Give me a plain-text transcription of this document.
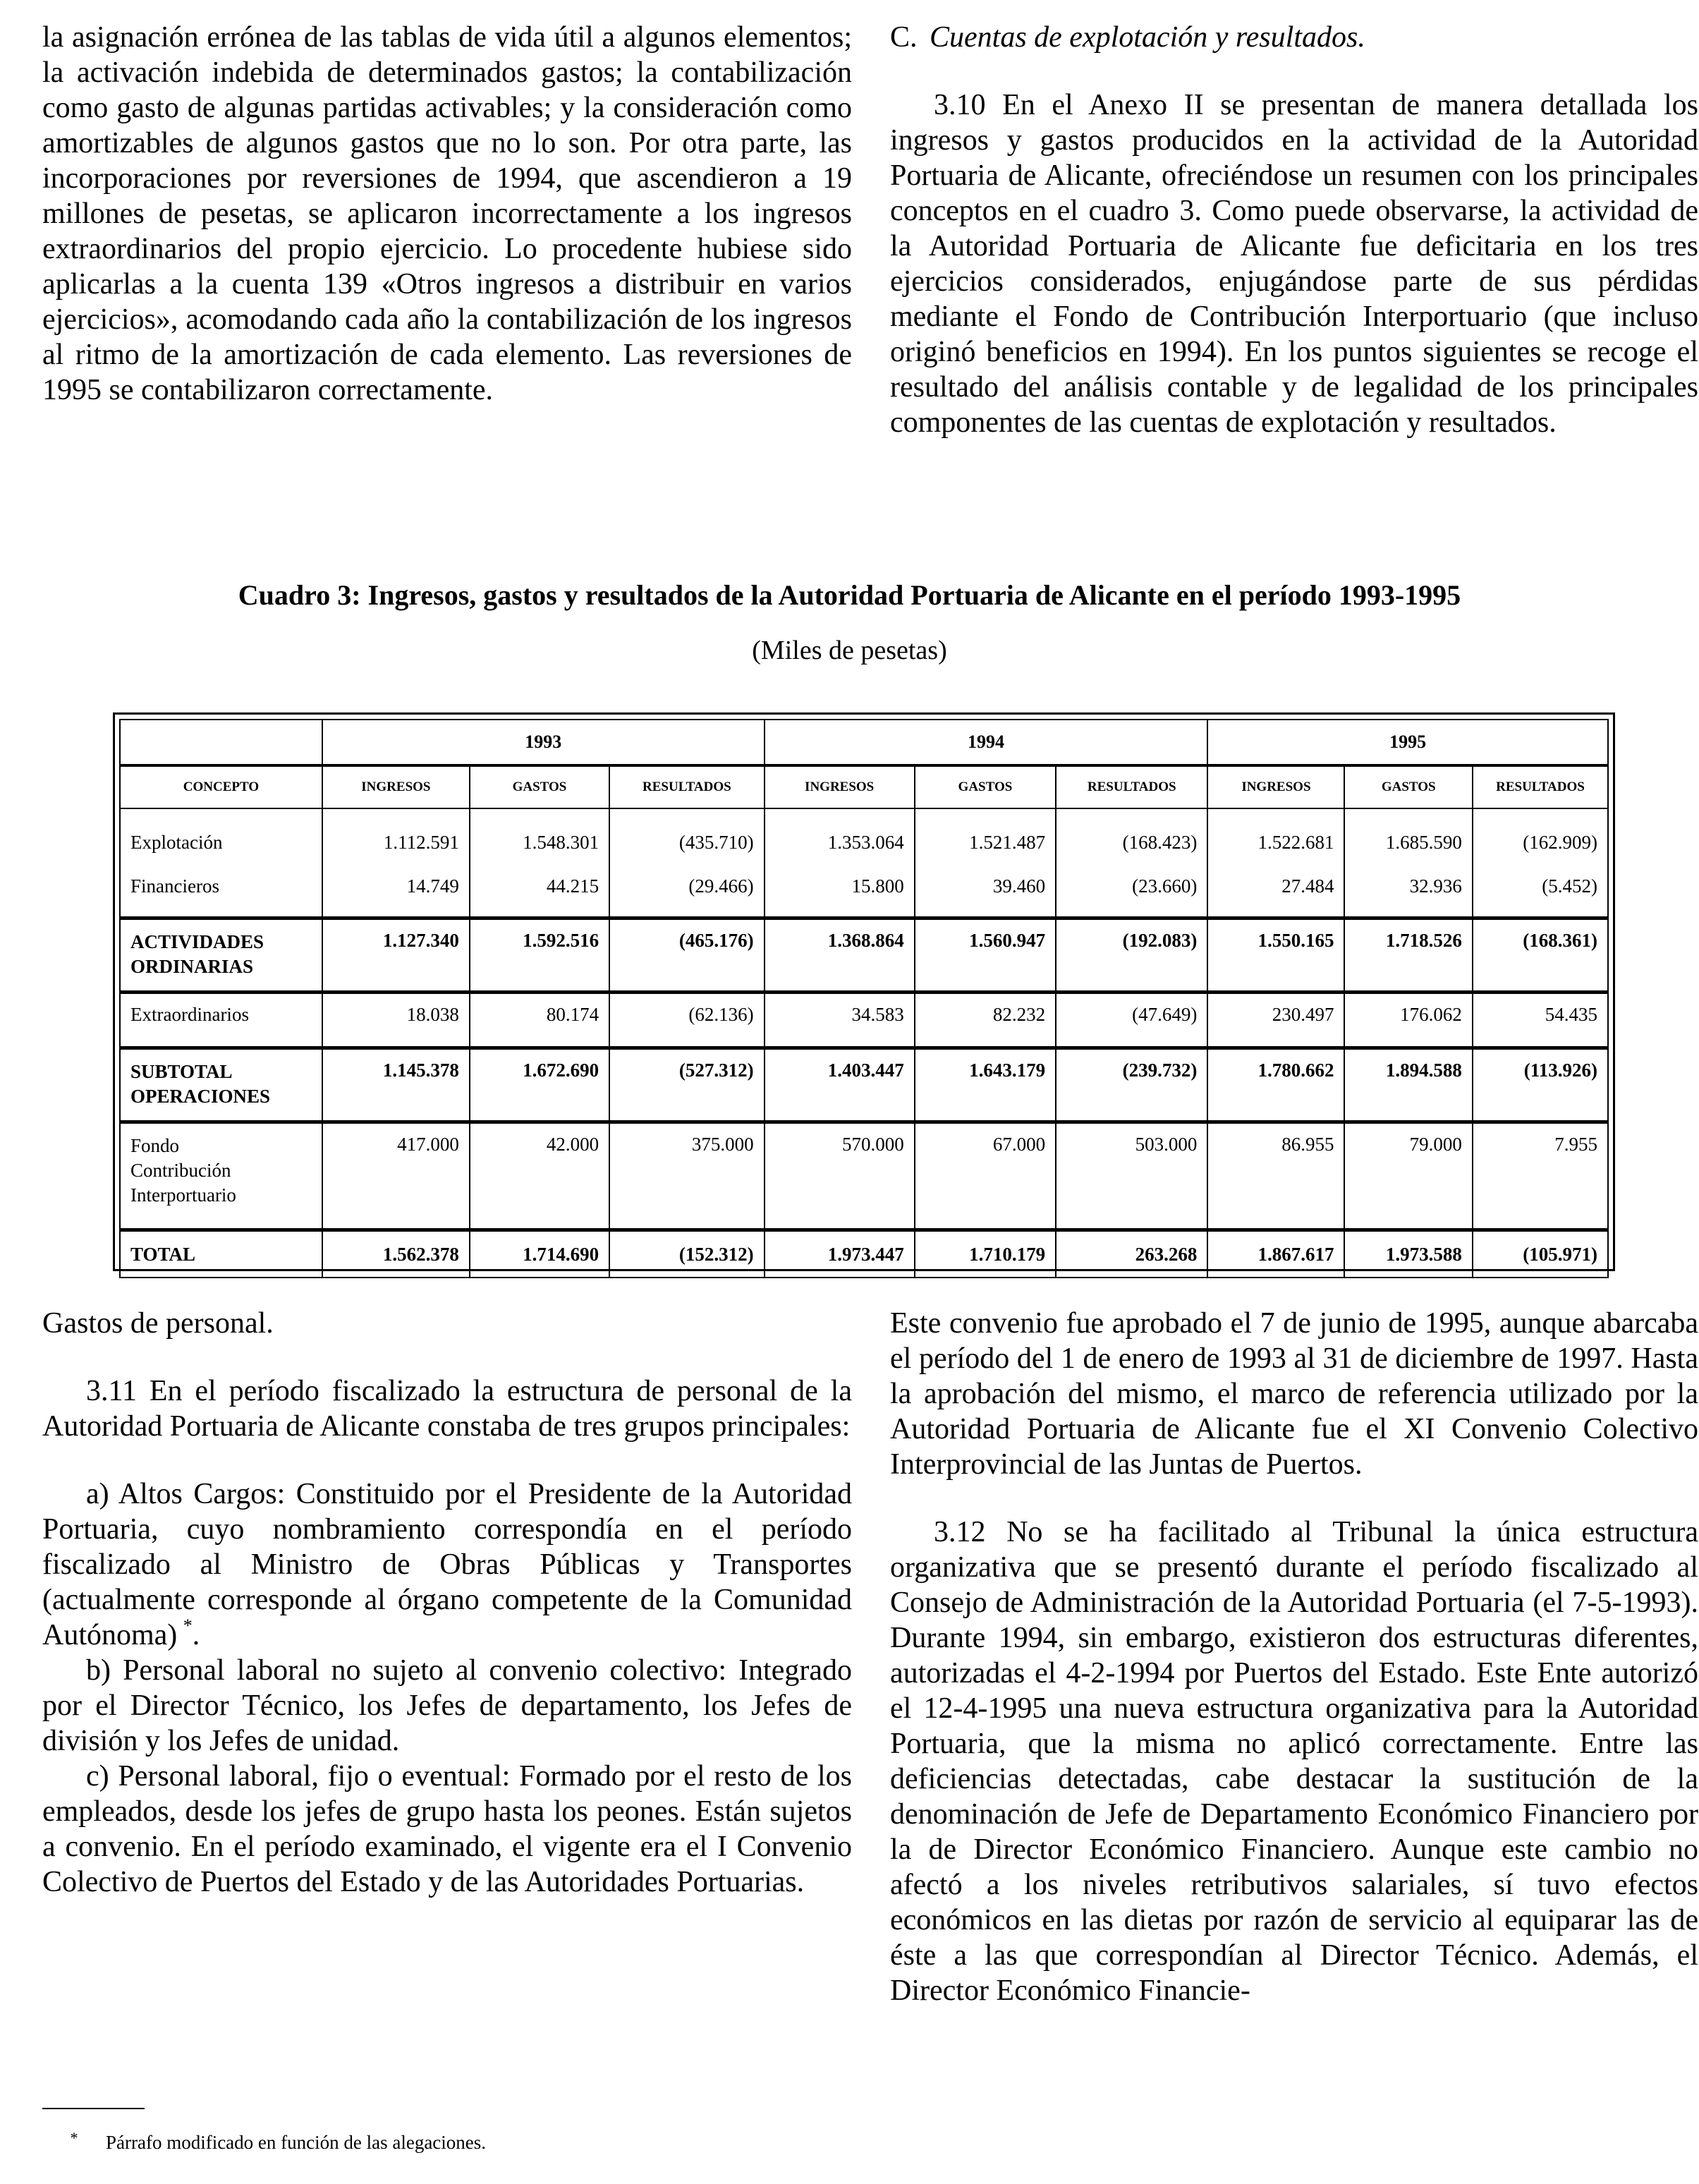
la asignación errónea de las tablas de vida útil a algunos elementos; la activación indebida de determinados gastos; la contabilización como gasto de algunas partidas activables; y la consideración como amortizables de algunos gastos que no lo son. Por otra parte, las incorporaciones por reversiones de 1994, que ascendieron a 19 millones de pesetas, se aplicaron incorrectamente a los ingresos extraordinarios del propio ejercicio. Lo procedente hubiese sido aplicarlas a la cuenta 139 «Otros ingresos a distribuir en varios ejercicios», acomodando cada año la contabilización de los ingresos al ritmo de la amortización de cada elemento. Las reversiones de 1995 se contabilizaron correctamente.

C. Cuentas de explotación y resultados.

3.10 En el Anexo II se presentan de manera detallada los ingresos y gastos producidos en la actividad de la Autoridad Portuaria de Alicante, ofreciéndose un resumen con los principales conceptos en el cuadro 3. Como puede observarse, la actividad de la Autoridad Portuaria de Alicante fue deficitaria en los tres ejercicios considerados, enjugándose parte de sus pérdidas mediante el Fondo de Contribución Interportuario (que incluso originó beneficios en 1994). En los puntos siguientes se recoge el resultado del análisis contable y de legalidad de los principales componentes de las cuentas de explotación y resultados.

Cuadro 3: Ingresos, gastos y resultados de la Autoridad Portuaria de Alicante en el período 1993-1995
(Miles de pesetas)
	1993			1994			1995		
CONCEPTO	INGRESOS	GASTOS	RESULTADOS	INGRESOS	GASTOS	RESULTADOS	INGRESOS	GASTOS	RESULTADOS
Explotación	1.112.591	1.548.301	(435.710)	1.353.064	1.521.487	(168.423)	1.522.681	1.685.590	(162.909)
Financieros	14.749	44.215	(29.466)	15.800	39.460	(23.660)	27.484	32.936	(5.452)

ACTIVIDADES
ORDINARIAS	1.127.340	1.592.516	(465.176)	1.368.864	1.560.947	(192.083)	1.550.165	1.718.526	(168.361)
Extraordinarios	18.038	80.174	(62.136)	34.583	82.232	(47.649)	230.497	176.062	54.435

SUBTOTAL
OPERACIONES	1.145.378	1.672.690	(527.312)	1.403.447	1.643.179	(239.732)	1.780.662	1.894.588	(113.926)

Fondo
Contribución
Interportuario	417.000	42.000	375.000	570.000	67.000	503.000	86.955	79.000	7.955
TOTAL	1.562.378	1.714.690	(152.312)	1.973.447	1.710.179	263.268	1.867.617	1.973.588	(105.971)

Gastos de personal.

3.11 En el período fiscalizado la estructura de personal de la Autoridad Portuaria de Alicante constaba de tres grupos principales:

a) Altos Cargos: Constituido por el Presidente de la Autoridad Portuaria, cuyo nombramiento correspondía en el período fiscalizado al Ministro de Obras Públicas y Transportes (actualmente corresponde al órgano competente de la Comunidad Autónoma)  *.

b) Personal laboral no sujeto al convenio colectivo: Integrado por el Director Técnico, los Jefes de departamento, los Jefes de división y los Jefes de unidad.

c) Personal laboral, fijo o eventual: Formado por el resto de los empleados, desde los jefes de grupo hasta los peones. Están sujetos a convenio. En el período examinado, el vigente era el I Convenio Colectivo de Puertos del Estado y de las Autoridades Portuarias.

Este convenio fue aprobado el 7 de junio de 1995, aunque abarcaba el período del 1 de enero de 1993 al 31 de diciembre de 1997. Hasta la aprobación del mismo, el marco de referencia utilizado por la Autoridad Portuaria de Alicante fue el XI Convenio Colectivo Interprovincial de las Juntas de Puertos.

3.12 No se ha facilitado al Tribunal la única estructura organizativa que se presentó durante el período fiscalizado al Consejo de Administración de la Autoridad Portuaria (el 7-5-1993). Durante 1994, sin embargo, existieron dos estructuras diferentes, autorizadas el 4-2-1994 por Puertos del Estado. Este Ente autorizó el 12-4-1995 una nueva estructura organizativa para la Autoridad Portuaria, que la misma no aplicó correctamente. Entre las deficiencias detectadas, cabe destacar la sustitución de la denominación de Jefe de Departamento Económico Financiero por la de Director Económico Financiero. Aunque este cambio no afectó a los niveles retributivos salariales, sí tuvo efectos económicos en las dietas por razón de servicio al equiparar las de éste a las que correspondían al Director Técnico. Además, el Director Económico Financie-

* Párrafo modificado en función de las alegaciones.
